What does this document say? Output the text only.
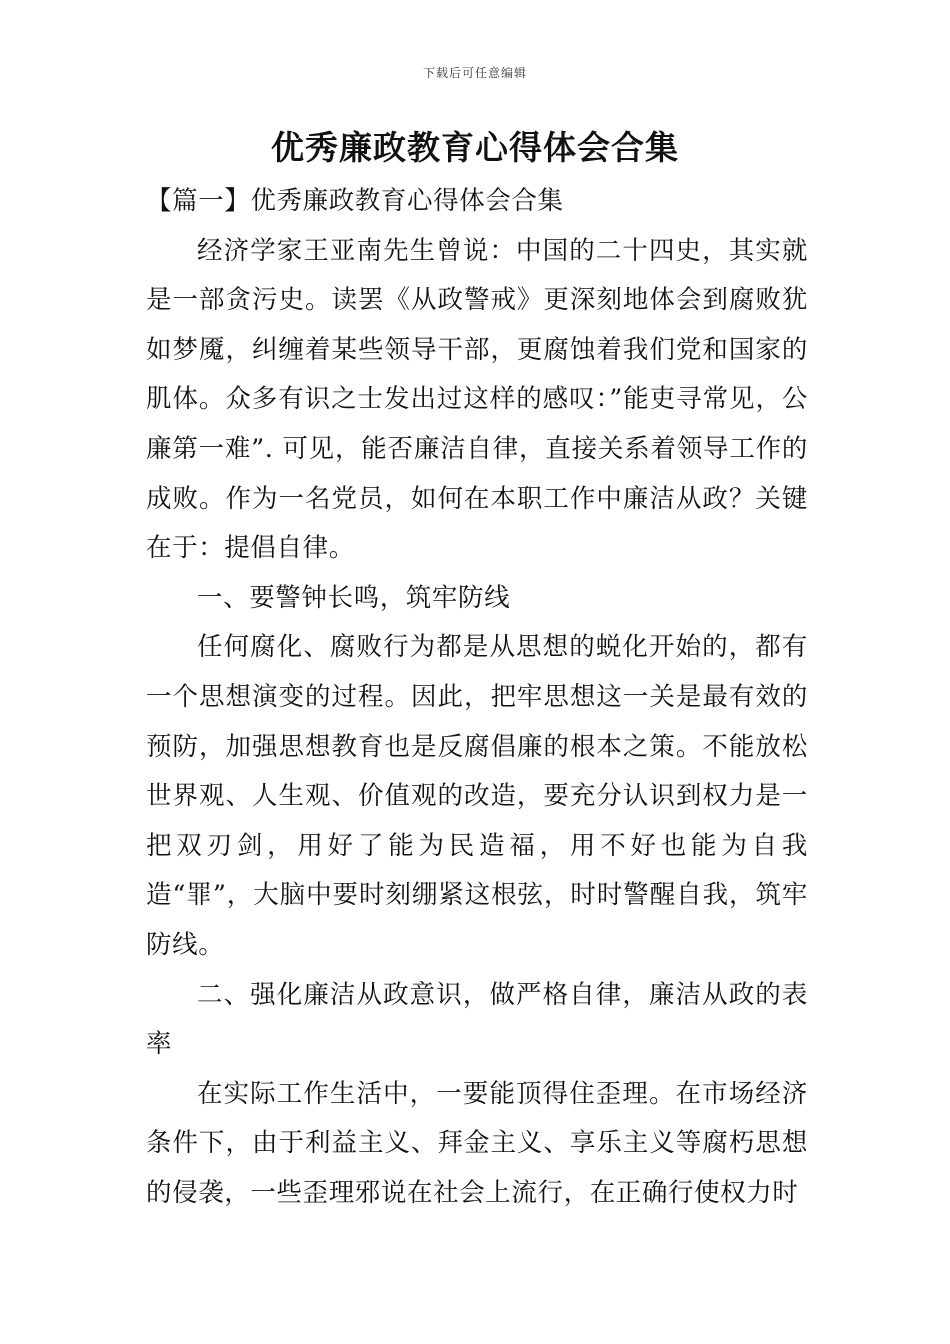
下载后可任意编辑
优秀廉政教育心得体会合集

【篇一】优秀廉政教育心得体会合集

经济学家王亚南先生曾说：中国的二十四史，其实就是一部贪污史。读罢《从政警戒》更深刻地体会到腐败犹如梦魇，纠缠着某些领导干部，更腐蚀着我们党和国家的肌体。众多有识之士发出过这样的感叹：”能吏寻常见，公廉第一难”. 可见，能否廉洁自律，直接关系着领导工作的成败。作为一名党员，如何在本职工作中廉洁从政？关键在于：提倡自律。

一、要警钟长鸣，筑牢防线

任何腐化、腐败行为都是从思想的蜕化开始的，都有一个思想演变的过程。因此，把牢思想这一关是最有效的预防，加强思想教育也是反腐倡廉的根本之策。不能放松世界观、人生观、价值观的改造，要充分认识到权力是一把双刃剑，用好了能为民造福，用不好也能为自我造“罪”，大脑中要时刻绷紧这根弦，时时警醒自我，筑牢防线。

二、强化廉洁从政意识，做严格自律，廉洁从政的表率

在实际工作生活中，一要能顶得住歪理。在市场经济条件下，由于利益主义、拜金主义、享乐主义等腐朽思想的侵袭，一些歪理邪说在社会上流行，在正确行使权力时
